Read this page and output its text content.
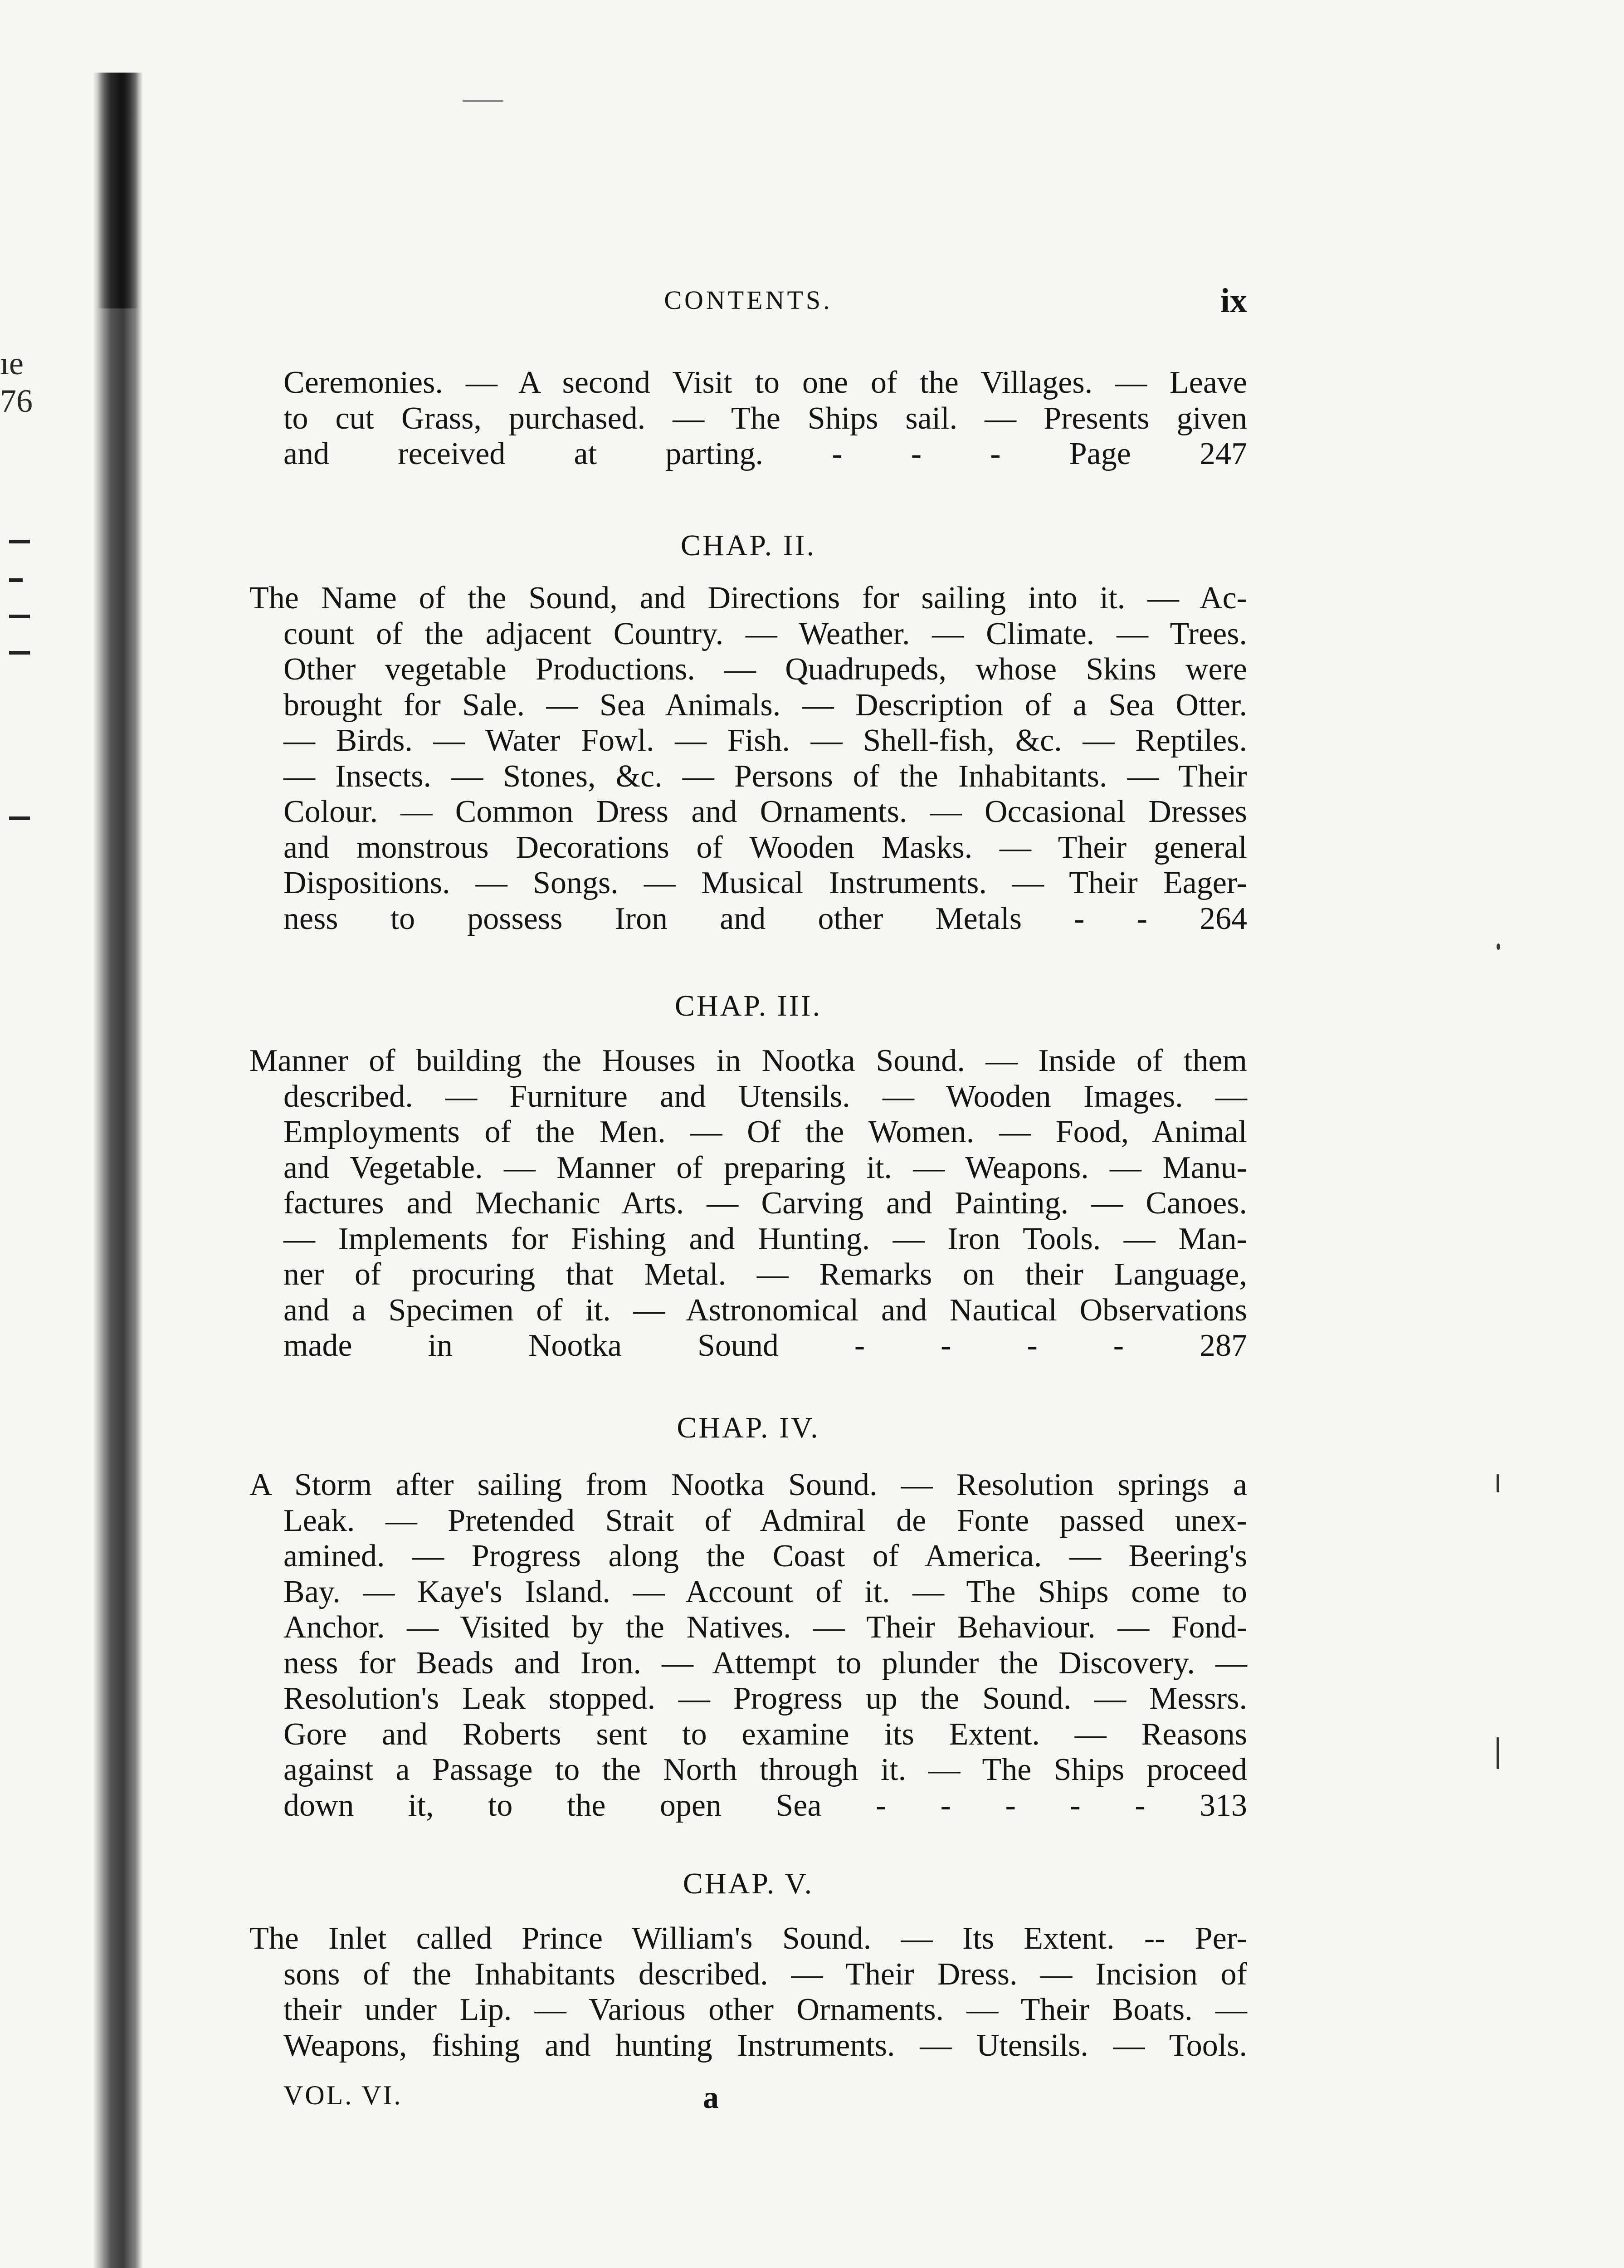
ıe
76
CONTENTS.	ix
Ceremonies. — A second Visit to one of the Villages. — Leave
to cut Grass, purchased. — The Ships sail. — Presents given
and received at parting. - - - Page 247
CHAP. II.
The Name of the Sound, and Directions for sailing into it. — Ac-
count of the adjacent Country. — Weather. — Climate. — Trees.
Other vegetable Productions. — Quadrupeds, whose Skins were
brought for Sale. — Sea Animals. — Description of a Sea Otter.
— Birds. — Water Fowl. — Fish. — Shell-fish, &c. — Reptiles.
— Insects. — Stones, &c. — Persons of the Inhabitants. — Their
Colour. — Common Dress and Ornaments. — Occasional Dresses
and monstrous Decorations of Wooden Masks. — Their general
Dispositions. — Songs. — Musical Instruments. — Their Eager-
ness to possess Iron and other Metals - - 264
CHAP. III.
Manner of building the Houses in Nootka Sound. — Inside of them
described. — Furniture and Utensils. — Wooden Images. —
Employments of the Men. — Of the Women. — Food, Animal
and Vegetable. — Manner of preparing it. — Weapons. — Manu-
factures and Mechanic Arts. — Carving and Painting. — Canoes.
— Implements for Fishing and Hunting. — Iron Tools. — Man-
ner of procuring that Metal. — Remarks on their Language,
and a Specimen of it. — Astronomical and Nautical Observations
made in Nootka Sound - - - - 287
CHAP. IV.
A Storm after sailing from Nootka Sound. — Resolution springs a
Leak. — Pretended Strait of Admiral de Fonte passed unex-
amined. — Progress along the Coast of America. — Beering's
Bay. — Kaye's Island. — Account of it. — The Ships come to
Anchor. — Visited by the Natives. — Their Behaviour. — Fond-
ness for Beads and Iron. — Attempt to plunder the Discovery. —
Resolution's Leak stopped. — Progress up the Sound. — Messrs.
Gore and Roberts sent to examine its Extent. — Reasons
against a Passage to the North through it. — The Ships proceed
down it, to the open Sea - - - - - 313
CHAP. V.
The Inlet called Prince William's Sound. — Its Extent. -- Per-
sons of the Inhabitants described. — Their Dress. — Incision of
their under Lip. — Various other Ornaments. — Their Boats. —
Weapons, fishing and hunting Instruments. — Utensils. — Tools.
VOL. VI.	a
